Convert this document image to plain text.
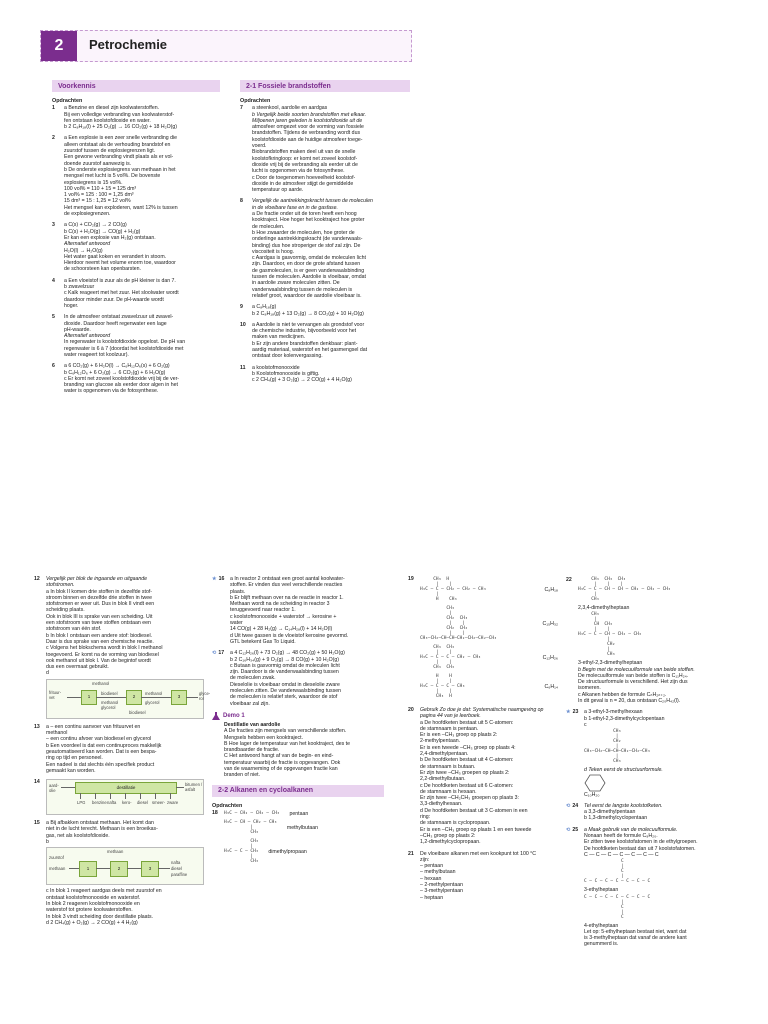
2	Petrochemie
Voorkennis
Opdrachten
1 a Benzine en diesel zijn koolwaterstoffen.
Bij een volledige verbranding van koolwaterstof-
fen ontstaan koolstofdioxide en water.
b 2 C₈H₁₈(l) + 25 O₂(g) → 16 CO₂(g) + 18 H₂O(g)
2 a Een explosie is een zeer snelle verbranding die
alleen ontstaat als de verhouding brandstof en
zuurstof tussen de explosiegrenzen ligt.
Een gewone verbranding vindt plaats als er vol-
doende zuurstof aanwezig is.
b De onderste explosiegrens van methaan in het
mengsel met lucht is 5 vol%. De bovenste
explosiegrens is 15 vol%.
100 vol% = 110 + 15 = 125 dm³
1 vol% = 125 : 100 = 1,25 dm³
15 dm³ = 15 : 1,25 = 12 vol%
Het mengsel kan exploderen, want 12% is tussen
de explosiegrenzen.
3 a C(s) + CO₂(g) → 2 CO(g)
b C(s) + H₂O(g) → CO(g) + H₂(g)
Er kan een explosie van H₂(g) ontstaan.
Alternatief antwoord
H₂O(l) → H₂O(g)
Het water gaat koken en verandert in stoom.
Hierdoor neemt het volume enorm toe, waardoor
de schoorsteen kan openbarsten.
4 a Een vloeistof is zuur als de pH kleiner is dan 7.
b zwavelzuur
c Kalk reageert met het zuur. Het sloolwater wordt
daardoor minder zuur. De pH-waarde wordt
hoger.
5 In de atmosfeer ontstaat zwavelzuur uit zwavel-
dioxide. Daardoor heeft regenwater een lage
pH-waarde.
Alternatief antwoord
In regenwater is koolstofdioxide opgelost. De pH van
regenwater is 6 à 7 (doordat het koolstofdioxide met
water reageert tot koolzuur).
6 a 6 CO₂(g) + 6 H₂O(l) → C₆H₁₂O₆(s) + 6 O₂(g)
b C₆H₁₂O₆ + 6 O₂(g) → 6 CO₂(g) + 6 H₂O(g)
c Er komt net zoveel koolstofdioxide vrij bij de ver-
branding van glucose als eerder door algen in het
water is opgenomen via de fotosynthese.
2-1 Fossiele brandstoffen
Opdrachten
7 a steenkool, aardolie en aardgas
b Vergelijk beide soorten brandstoffen met elkaar.
Miljoenen jaren geleden is koolstofdioxide uit de
atmosfeer omgezet voor de vorming van fossiele
brandstoffen. Tijdens de verbranding wordt dus
koolstofdioxide aan de huidige atmosfeer toege-
voerd.
Biobrandstoffen maken deel uit van de snelle
koolstofkringloop: er komt net zoveel koolstof-
dioxide vrij bij de verbranding als eerder uit de
lucht is opgenomen via de fotosynthese.
c Door de toegenomen hoeveelheid koolstof-
dioxide in de atmosfeer stijgt de gemiddelde
temperatuur op aarde.
8 Vergelijk de aantrekkingskracht tussen de moleculen
in de vloeibare fase en in de gasfase.
a De fractie onder uit de toren heeft een hoog
kooktraject. Hoe hoger het kooktraject hoe groter
de moleculen.
b Hoe zwaarder de moleculen, hoe groter de
onderlinge aantrekkingskracht (de vanderwaals-
binding) dus hoe stroperiger de stof zal zijn. De
viscositeit is hoog.
c Aardgas is gasvormig, omdat de moleculen licht
zijn. Daardoor, en door de grote afstand tussen
de gasmoleculen, is er geen vanderwaalsbinding
tussen de moleculen. Aardolie is vloeibaar, omdat
in aardolie zware moleculen zitten. De
vanderwaalsbinding tussen de moleculen is
relatief groot, waardoor de aardolie vloeibaar is.
9 a C₈H₁₈(g)
b 2 C₈H₁₈(g) + 13 O₂(g) → 8 CO₂(g) + 10 H₂O(g)
10 a Aardolie is niet te vervangen als grondstof voor
de chemische industrie, bijvoorbeeld voor het
maken van medicijnen.
b Er zijn andere brandstoffen denkbaar: plant-
aardig materiaal, waterstof en het gasmengsel dat
ontstaat door kolenvergassing.
11 a koolstofmonooxide
b Koolstofmonooxide is giftig.
c 2 CH₄(g) + 3 O₂(g) → 2 CO(g) + 4 H₂O(g)
12 Vergelijk per blok de ingaande en uitgaande
stofstromen.
a In blok II komen drie stoffen in dezelfde stof-
stroom binnen en dezelfde drie stoffen in twee
stofstromen er weer uit. Dus in blok II vindt een
scheiding plaats.
Ook in blok III is sprake van een scheiding. Uit
een stofstroom van twee stoffen ontstaan een
stofstroom van één stof.
b In blok I ontstaan een andere stof: biodiesel.
Daar is dus sprake van een chemische reactie.
c Volgens het blokschema wordt in blok I methanol
toegevoerd. Er komt na de vorming van biodiesel
ook methanol uit blok I. Van de begintof wordt
dus een overmaat gebruikt.
d
frituur-
vet
methanol
1
biodiesel
methanol
glycerol
2
methanol
glycerol
biodiesel
3
glyce-
rol
13 a – een continu aanvoer van frituurvet en
methanol
– een continu afvoer van biodiesel en glycerol
b Een voordeel is dat een continuproces makkelijk
geautomatiseerd kan worden. Dat is een bespa-
ring op tijd en personeel.
Een nadeel is dat slechts één specifiek product
gemaakt kan worden.
14
aard-
olie
destillatie
bitumen /
asfalt
LPG benzine nafta kero- diesel smeer- zware
15 a Bij afbakken ontstaat methaan. Het komt dan
niet in de lucht terecht. Methaan is een broeikas-
gas, net als koolstofdioxide.
b
methaan
zuurstof
methaan	1	2	3
nafta
diesel
paraffine
c In blok 1 reageert aardgas deels met zuurstof en
ontstaat koolstofmonooxide en waterstof.
In blok 2 reageren koolstofmonooxide en
waterstof tot grotere koolwaterstoffen.
In blok 3 vindt scheiding door destillatie plaats.
d 2 CH₄(g) + O₂(g) → 2 CO(g) + 4 H₂(g)
★ 16 a In reactor 2 ontstaat een groot aantal koolwater-
stoffen. Er vinden dus veel verschillende reacties
plaats.
b Er blijft methaan over na de reactie in reactor 1.
Methaan wordt na de scheiding in reactor 3
teruggevoerd naar reactor 1.
c koolstofmonooxide + waterstof → kerosine +
water
14 CO(g) + 28 H₂(g) → C₁₄H₂₈(l) + 14 H₂O(l)
d Uit twee gassen is de vloeistof kerosine gevormd.
GTL betekent Gas To Liquid.
⟲ 17 a 4 C₁₂H₂₆(l) + 73 O₂(g) → 48 CO₂(g) + 50 H₂O(g)
b 2 C₁₆H₃₄(g) + 9 O₂(g) → 8 CO(g) + 10 H₂O(g)
c Butaan is gasvormig omdat de moleculen licht
zijn. Daardoor is de vanderwaalsbinding tussen
de moleculen zwak.
Dieselolie is vloeibaar omdat in dieselolie zware
moleculen zitten. De vanderwaalsbinding tussen
de moleculen is relatief sterk, waardoor de stof
vloeibaar zal zijn.
Demo 1
Destillatie van aardolie
A De fracties zijn mengsels van verschillende stoffen.
Mengsels hebben een kooktraject.
B Hoe lager de temperatuur van het kooktraject, des te
brandbaarder de fractie.
C Het antwoord hangt af van de begin- en eind-
temperatuur waarbij de fractie is opgevangen. Ook
van de waarneming of de opgevangen fractie kan
branden of niet.
2-2 Alkanen en cycloalkanen
Opdrachten
18 H₃C — CH₂ — CH₂ — CH₃ pentaan
H₃C — CH — CH₂ — CH₃
|
CH₃
methylbutaan
CH₃
|
H₃C — C — CH₃
|
CH₃
dimethylpropaan
19	CH₃  H
|    |
H₃C — C — CH₂ — CH₂ — CH₃
|
H    CH₃
C₈H₁₈
CH₃
|
CH₂  CH₃
|    |
CH₂  CH₂
|    |
CH₃—CH₂—CH—CH—CH₂—CH₂—CH₂—CH₃
C₁₅H₃₂
CH₃  CH₃
|    |
H₃C — C — C — CH₂ — CH₃
|    |
CH₃  CH₃
C₁₂H₂₆
H    H
|    |
H₃C — C — C — CH₃
|    |
CH₃  H
C₆H₁₄
20 Gebruik Zo doe je dat: Systematische naamgeving op
pagina 44 van je leerboek.
a De hoofdketen bestaat uit 5 C-atomen:
de stamnaam is pentaan.
Er is een –CH₃ groep op plaats 2:
2-methylpentaan.
Er is een tweede –CH₃ groep op plaats 4:
2,4-dimethylpentaan.
b De hoofdketen bestaat uit 4 C-atomen:
de stamnaam is butaan.
Er zijn twee –CH₃ groepen op plaats 2:
2,2-dimethylbutaan.
c De hoofdketen bestaat uit 6 C-atomen:
de stamnaam is hexaan.
Er zijn twee –CH₂CH₃ groepen op plaats 3:
3,3-diethylhexaan.
d De hoofdketen bestaat uit 3 C-atomen in een
ring:
de stamnaam is cyclopropaan.
Er is een –CH₃ groep op plaats 1 en een tweede
–CH₃ groep op plaats 2:
1,2-dimethylcyclopropaan.
21 De vloeibare alkanen met een kookpunt tot 100 °C
zijn:
– pentaan
– methylbutaan
– hexaan
– 2-methylpentaan
– 3-methylpentaan
– heptaan
22	CH₃  CH₃  CH₃
|    |    |
H₃C — C — CH — CH — CH₂ — CH₂ — CH₃
|
CH₃
2,3,4-dimethylheptaan
CH₃
|
CH  CH₃
|    |
H₃C — C — CH — CH₂ — CH₃
|
CH₂
|
CH₃
3-ethyl-2,3-dimethylheptaan
b Begin met de molecuulformule van beide stoffen.
De molecuulformule van beide stoffen is C₁₁H₂₄.
De structuurformule is verschillend. Het zijn dus
isomeren.
c Alkanen hebben de formule CₙH₂ₙ₊₂.
In dit geval is n = 20, dus ontstaan C₂₀H₄₂(l).
★ 23 a 3-ethyl-3-methylhexaan
b 1-ethyl-2,3-dimethylcyclopentaan
c
CH₃
|
CH₂
|
CH₃—CH₂—CH—CH—CH₂—CH₂—CH₃
|
CH₃
d Teken eerst de structuurformule.
C₁₀H₂₀
⟲ 24 Tel eerst de langste koolstofketen.
a 3,3-dimethylpentaan
b 1,3-dimethylcyclopentaan
⟲ 25 a Maak gebruik van de molecuulformule.
Nonaan heeft de formule C₉H₂₀.
Er zitten twee koolstofatomen in de ethylgroepen.
De hoofdketen bestaat dan uit 7 koolstofatomen.
C — C — C — C — C — C — C
C
|
C
|
C — C — C — C — C — C — C
3-ethylheptaan
C — C — C — C — C — C — C
|
C
|
C
4-ethylheptaan
Let op: 5-ethylheptaan bestaat niet, want dat
is 3-methylheptaan dat vanaf de andere kant
genummerd is.
